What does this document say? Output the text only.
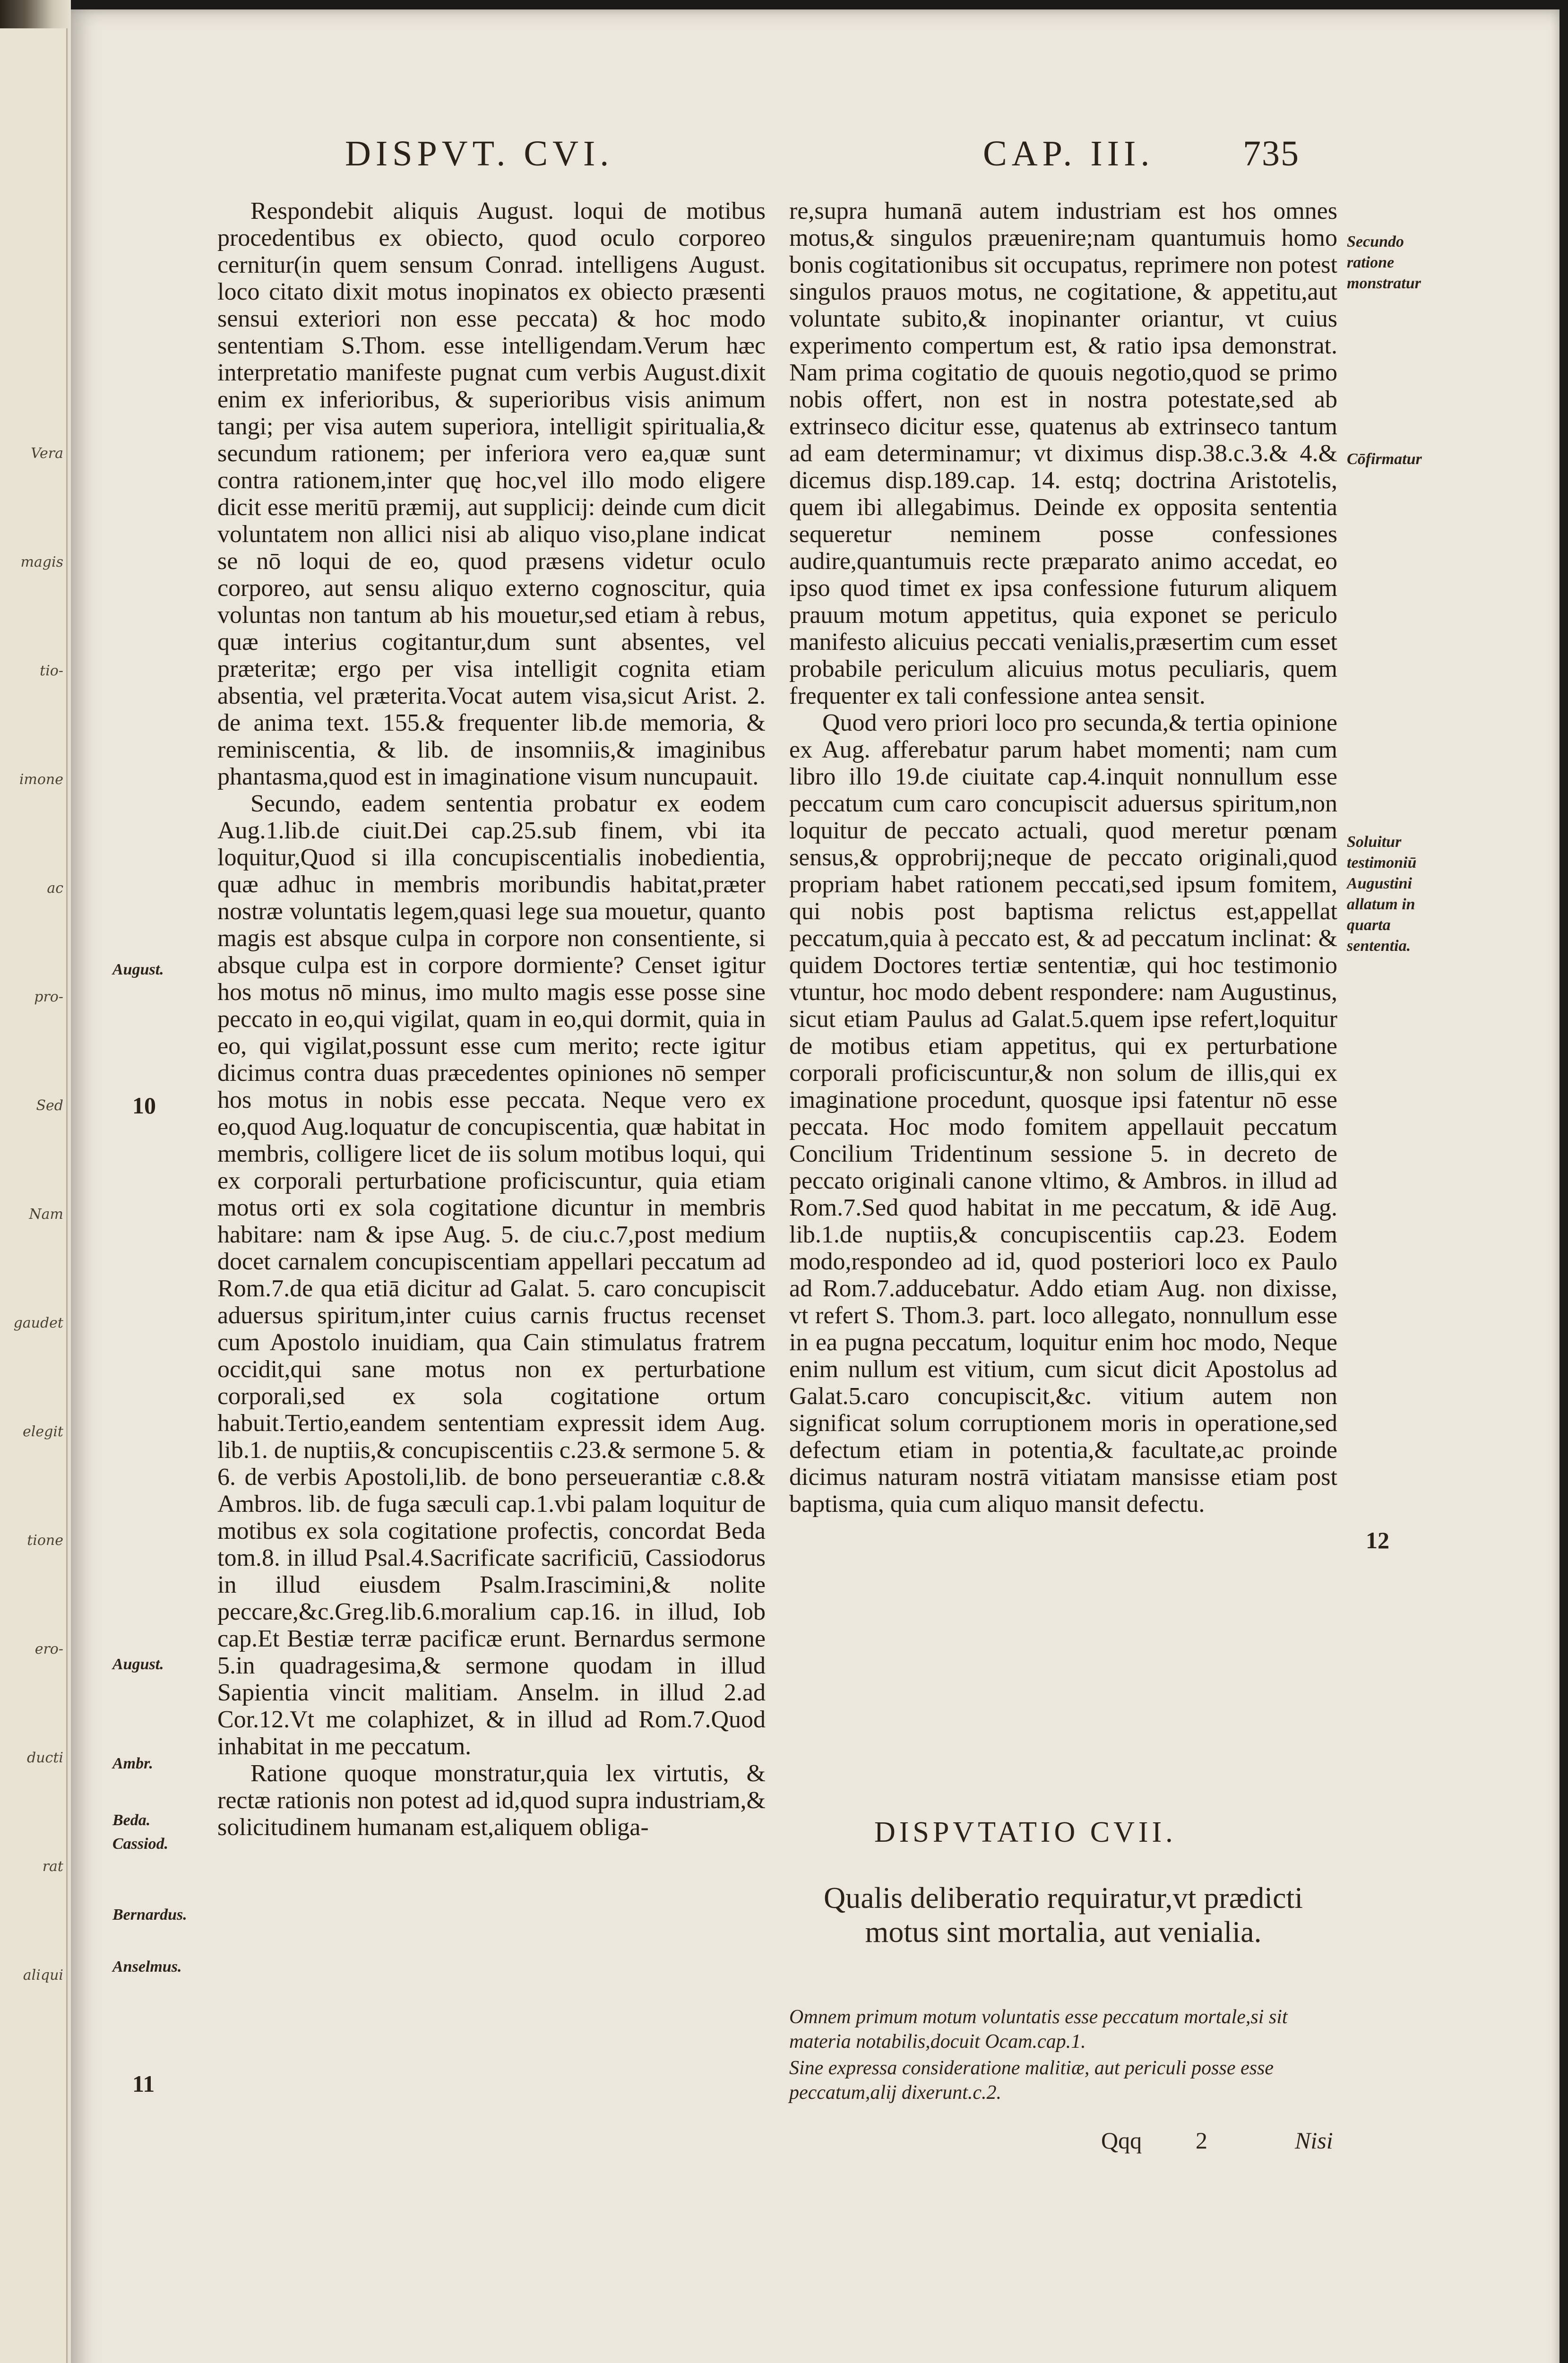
Vera
magis
tio-
imone
ac
pro-
Sed
Nam
gaudet
elegit
tione
ero-
ducti
rat
aliqui
DISPVT. CVI.	CAP. III. 735

Respondebit aliquis August. loqui de motibus procedentibus ex obiecto, quod oculo corporeo cernitur(in quem sensum Conrad. intelligens August. loco citato dixit motus inopinatos ex obiecto præsenti sensui exteriori non esse peccata) & hoc modo sententiam S.Thom. esse intelligendam.Verum hæc interpretatio manifeste pugnat cum verbis August.dixit enim ex inferioribus, & superioribus visis animum tangi; per visa autem superiora, intelligit spiritualia,& secundum rationem; per inferiora vero ea,quæ sunt contra rationem,inter quę hoc,vel illo modo eligere dicit esse meritū præmij, aut supplicij: deinde cum dicit voluntatem non allici nisi ab aliquo viso,plane indicat se nō loqui de eo, quod præsens videtur oculo corporeo, aut sensu aliquo externo cognoscitur, quia voluntas non tantum ab his mouetur,sed etiam à rebus, quæ interius cogitantur,dum sunt absentes, vel præteritæ; ergo per visa intelligit cognita etiam absentia, vel præterita.Vocat autem visa,sicut Arist. 2. de anima text. 155.& frequenter lib.de memoria, & reminiscentia, & lib. de insomniis,& imaginibus phantasma,quod est in imaginatione visum nuncupauit.

Secundo, eadem sententia probatur ex eodem Aug.1.lib.de ciuit.Dei cap.25.sub finem, vbi ita loquitur,Quod si illa concupiscentialis inobedientia, quæ adhuc in membris moribundis habitat,præter nostræ voluntatis legem,quasi lege sua mouetur, quanto magis est absque culpa in corpore non consentiente, si absque culpa est in corpore dormiente? Censet igitur hos motus nō minus, imo multo magis esse posse sine peccato in eo,qui vigilat, quam in eo,qui dormit, quia in eo, qui vigilat,possunt esse cum merito; recte igitur dicimus contra duas præcedentes opiniones nō semper hos motus in nobis esse peccata. Neque vero ex eo,quod Aug.loquatur de concupiscentia, quæ habitat in membris, colligere licet de iis solum motibus loqui, qui ex corporali perturbatione proficiscuntur, quia etiam motus orti ex sola cogitatione dicuntur in membris habitare: nam & ipse Aug. 5. de ciu.c.7,post medium docet carnalem concupiscentiam appellari peccatum ad Rom.7.de qua etiā dicitur ad Galat. 5. caro concupiscit aduersus spiritum,inter cuius carnis fructus recenset cum Apostolo inuidiam, qua Cain stimulatus fratrem occidit,qui sane motus non ex perturbatione corporali,sed ex sola cogitatione ortum habuit.Tertio,eandem sententiam expressit idem Aug. lib.1. de nuptiis,& concupiscentiis c.23.& sermone 5. & 6. de verbis Apostoli,lib. de bono perseuerantiæ c.8.& Ambros. lib. de fuga sæculi cap.1.vbi palam loquitur de motibus ex sola cogitatione profectis, concordat Beda tom.8. in illud Psal.4.Sacrificate sacrificiū, Cassiodorus in illud eiusdem Psalm.Irascimini,& nolite peccare,&c.Greg.lib.6.moralium cap.16. in illud, Iob cap.Et Bestiæ terræ pacificæ erunt. Bernardus sermone 5.in quadragesima,& sermone quodam in illud Sapientia vincit malitiam. Anselm. in illud 2.ad Cor.12.Vt me colaphizet, & in illud ad Rom.7.Quod inhabitat in me peccatum.

Ratione quoque monstratur,quia lex virtutis, & rectæ rationis non potest ad id,quod supra industriam,& solicitudinem humanam est,aliquem obliga-

re,supra humanā autem industriam est hos omnes motus,& singulos præuenire;nam quantumuis homo bonis cogitationibus sit occupatus, reprimere non potest singulos prauos motus, ne cogitatione, & appetitu,aut voluntate subito,& inopinanter oriantur, vt cuius experimento compertum est, & ratio ipsa demonstrat. Nam prima cogitatio de quouis negotio,quod se primo nobis offert, non est in nostra potestate,sed ab extrinseco dicitur esse, quatenus ab extrinseco tantum ad eam determinamur; vt diximus disp.38.c.3.& 4.& dicemus disp.189.cap. 14. estq; doctrina Aristotelis, quem ibi allegabimus. Deinde ex opposita sententia sequeretur neminem posse confessiones audire,quantumuis recte præparato animo accedat, eo ipso quod timet ex ipsa confessione futurum aliquem prauum motum appetitus, quia exponet se periculo manifesto alicuius peccati venialis,præsertim cum esset probabile periculum alicuius motus peculiaris, quem frequenter ex tali confessione antea sensit.

Quod vero priori loco pro secunda,& tertia opinione ex Aug. afferebatur parum habet momenti; nam cum libro illo 19.de ciuitate cap.4.inquit nonnullum esse peccatum cum caro concupiscit aduersus spiritum,non loquitur de peccato actuali, quod meretur pœnam sensus,& opprobrij;neque de peccato originali,quod propriam habet rationem peccati,sed ipsum fomitem, qui nobis post baptisma relictus est,appellat peccatum,quia à peccato est, & ad peccatum inclinat: & quidem Doctores tertiæ sententiæ, qui hoc testimonio vtuntur, hoc modo debent respondere: nam Augustinus, sicut etiam Paulus ad Galat.5.quem ipse refert,loquitur de motibus etiam appetitus, qui ex perturbatione corporali proficiscuntur,& non solum de illis,qui ex imaginatione procedunt, quosque ipsi fatentur nō esse peccata. Hoc modo fomitem appellauit peccatum Concilium Tridentinum sessione 5. in decreto de peccato originali canone vltimo, & Ambros. in illud ad Rom.7.Sed quod habitat in me peccatum, & idē Aug. lib.1.de nuptiis,& concupiscentiis cap.23. Eodem modo,respondeo ad id, quod posteriori loco ex Paulo ad Rom.7.adducebatur. Addo etiam Aug. non dixisse, vt refert S. Thom.3. part. loco allegato, nonnullum esse in ea pugna peccatum, loquitur enim hoc modo, Neque enim nullum est vitium, cum sicut dicit Apostolus ad Galat.5.caro concupiscit,&c. vitium autem non significat solum corruptionem moris in operatione,sed defectum etiam in potentia,& facultate,ac proinde dicimus naturam nostrā vitiatam mansisse etiam post baptisma, quia cum aliquo mansit defectu.

August.
10
August.
Ambr.
Beda.
Cassiod.
Bernardus.
Anselmus.
11
Secundo ratione monstratur
Cōfirmatur
Soluitur testimoniū Augustini allatum in quarta sententia.
12
DISPVTATIO CVII.
Qualis deliberatio requiratur,vt prædicti motus sint mortalia, aut venialia.

Omnem primum motum voluntatis esse peccatum mortale,si sit materia notabilis,docuit Ocam.cap.1.

Sine expressa consideratione malitiæ, aut periculi posse esse peccatum,alij dixerunt.c.2.

Qqq 2	Nisi
